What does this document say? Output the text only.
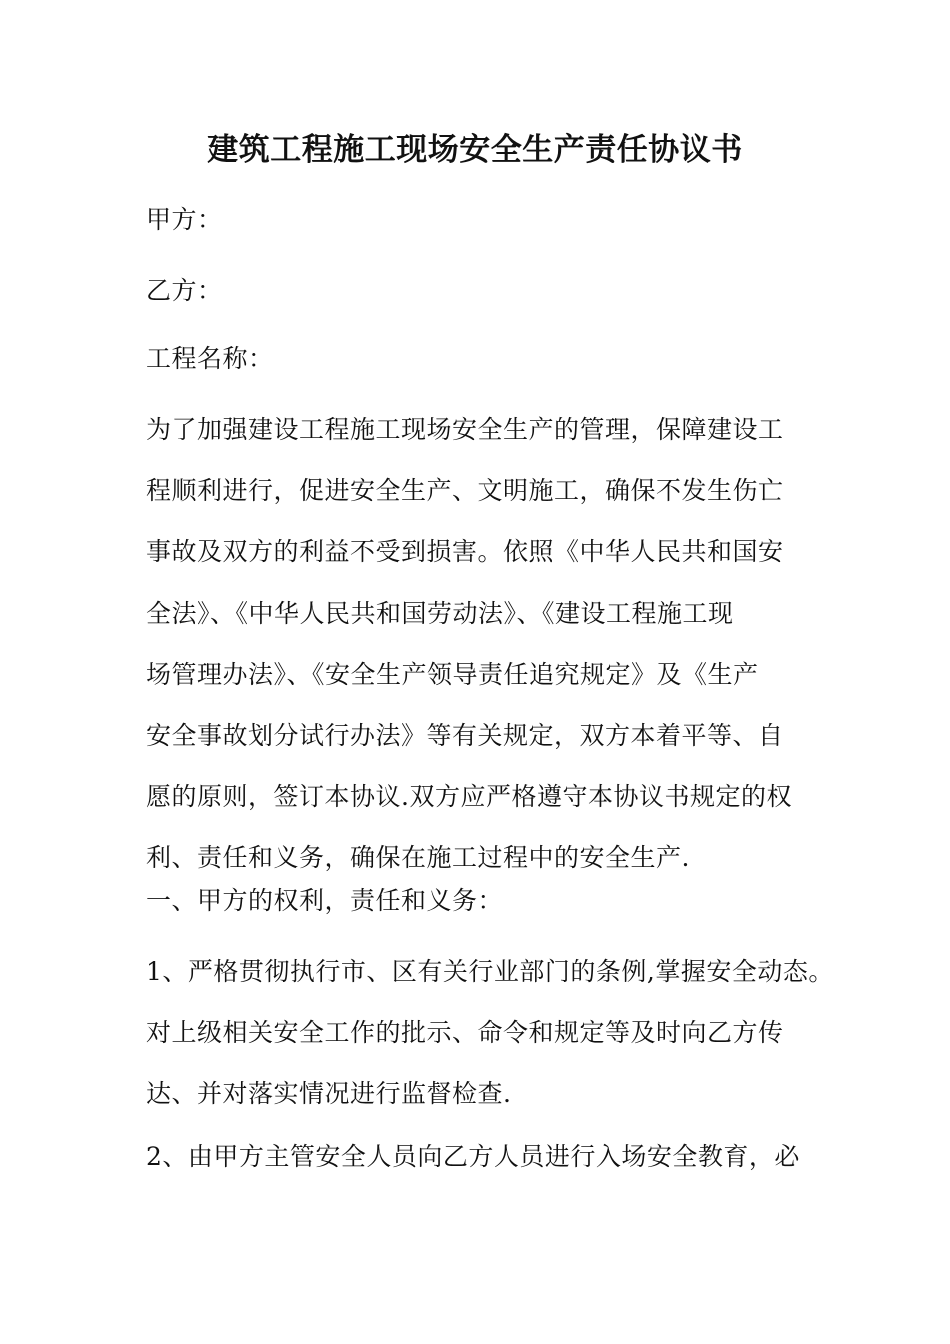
建筑工程施工现场安全生产责任协议书
甲方：
乙方：
工程名称：
为了加强建设工程施工现场安全生产的管理，保障建设工
程顺利进行，促进安全生产、文明施工，确保不发生伤亡
事故及双方的利益不受到损害。依照《中华人民共和国安
全法》、《中华人民共和国劳动法》、《建设工程施工现
场管理办法》、《安全生产领导责任追究规定》及《生产
安全事故划分试行办法》等有关规定，双方本着平等、自
愿的原则，签订本协议.双方应严格遵守本协议书规定的权
利、责任和义务，确保在施工过程中的安全生产.
一、甲方的权利，责任和义务：
1、严格贯彻执行市、区有关行业部门的条例,掌握安全动态。
对上级相关安全工作的批示、命令和规定等及时向乙方传
达、并对落实情况进行监督检查.
2、由甲方主管安全人员向乙方人员进行入场安全教育，必
